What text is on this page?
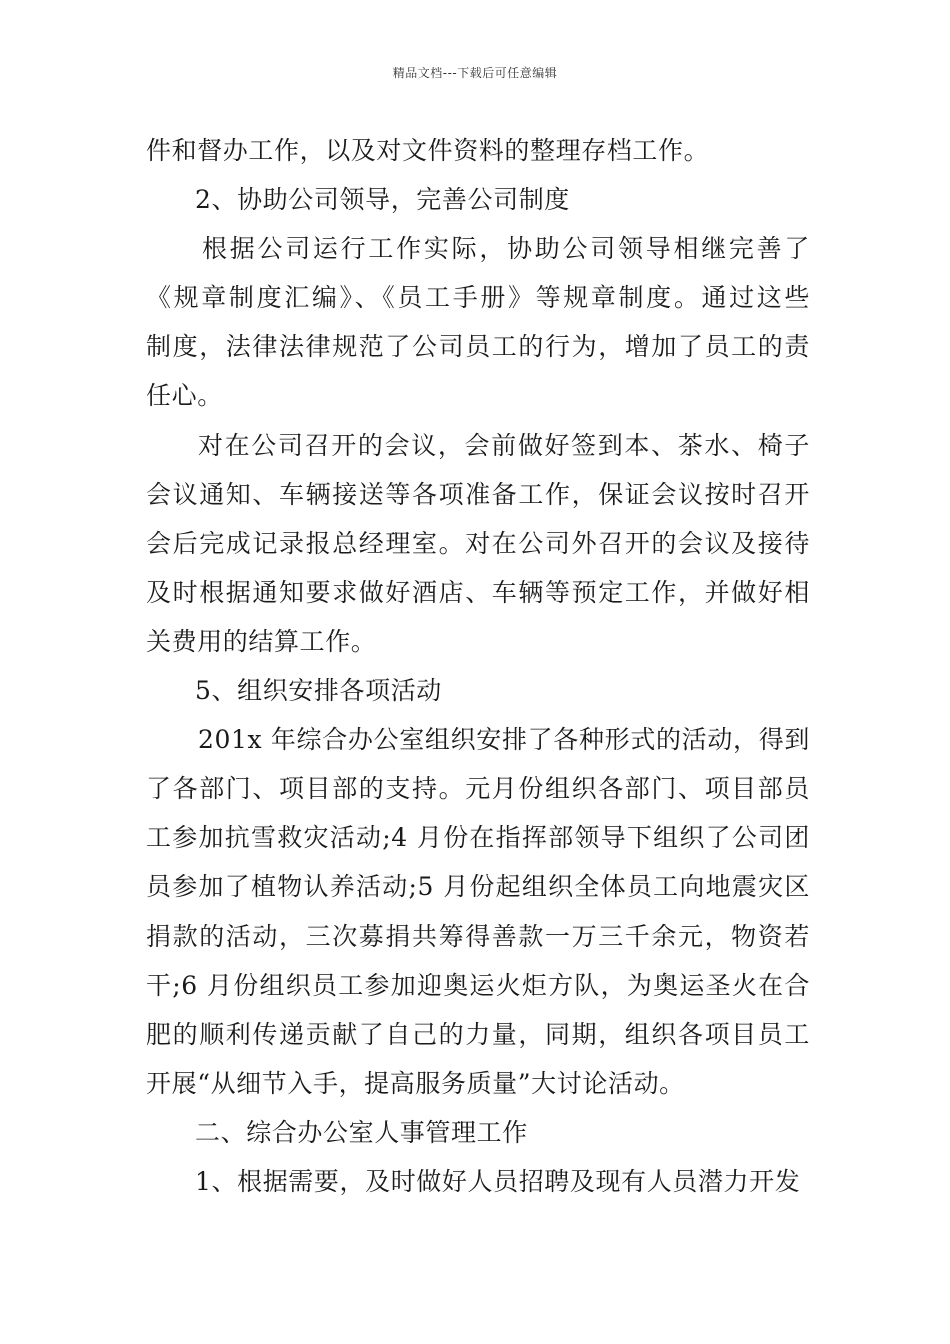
精品文档---下载后可任意编辑
件和督办工作，以及对文件资料的整理存档工作。
2、协助公司领导，完善公司制度
根据公司运行工作实际，协助公司领导相继完善了
《规章制度汇编》、《员工手册》等规章制度。通过这些
制度，法律法律规范了公司员工的行为，增加了员工的责
任心。
对在公司召开的会议，会前做好签到本、茶水、椅子
会议通知、车辆接送等各项准备工作，保证会议按时召开
会后完成记录报总经理室。对在公司外召开的会议及接待
及时根据通知要求做好酒店、车辆等预定工作，并做好相
关费用的结算工作。
5、组织安排各项活动
201x 年综合办公室组织安排了各种形式的活动，得到
了各部门、项目部的支持。元月份组织各部门、项目部员
工参加抗雪救灾活动;4 月份在指挥部领导下组织了公司团
员参加了植物认养活动;5 月份起组织全体员工向地震灾区
捐款的活动，三次募捐共筹得善款一万三千余元，物资若
干;6 月份组织员工参加迎奥运火炬方队，为奥运圣火在合
肥的顺利传递贡献了自己的力量，同期，组织各项目员工
开展“从细节入手，提高服务质量”大讨论活动。
二、综合办公室人事管理工作
1、根据需要，及时做好人员招聘及现有人员潜力开发
